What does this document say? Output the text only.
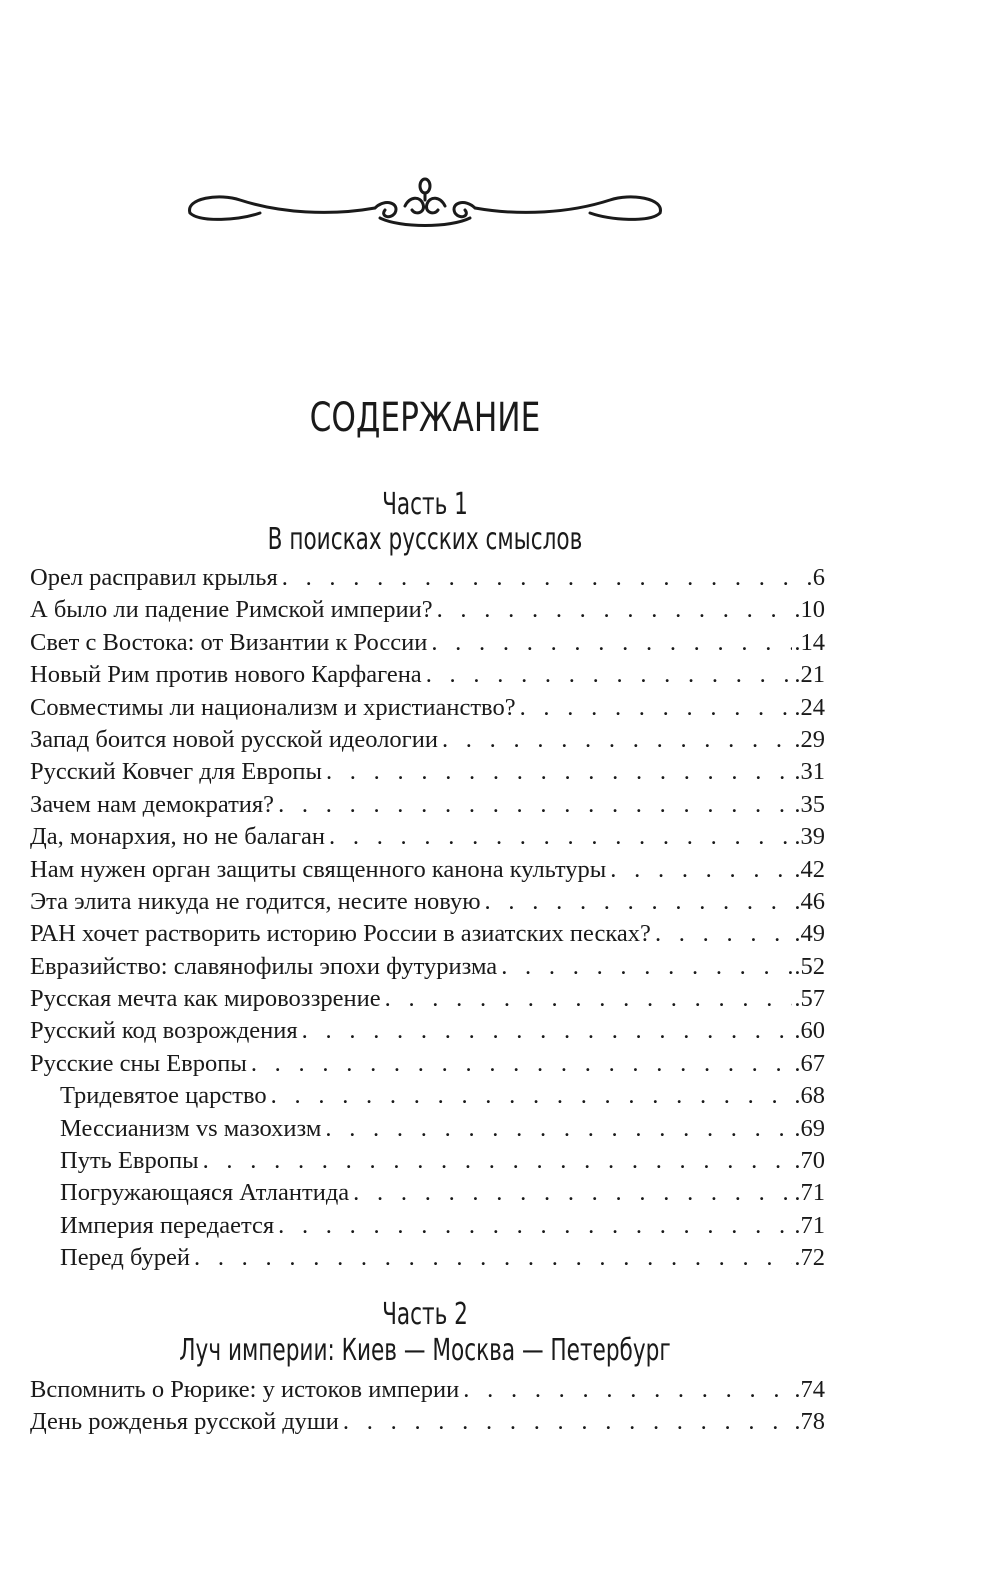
СОДЕРЖАНИЕ
Часть 1
В поисках русских смыслов
Орел расправил крылья . . .	6
А было ли падение Римской империи? . . .	.10
Свет с Востока: от Византии к России . . .	.14
Новый Рим против нового Карфагена . . .	.21
Совместимы ли национализм и христианство? . . .	.24
Запад боится новой русской идеологии . . .	.29
Русский Ковчег для Европы . . .	.31
Зачем нам демократия? . . .	.35
Да, монархия, но не балаган . . .	.39
Нам нужен орган защиты священного канона культуры . . .	.42
Эта элита никуда не годится, несите новую . . .	.46
РАН хочет растворить историю России в азиатских песках? . . .	.49
Евразийство: славянофилы эпохи футуризма . . .	.52
Русская мечта как мировоззрение . . .	.57
Русский код возрождения . . .	.60
Русские сны Европы . . .	.67
Тридевятое царство . . .	.68
Мессианизм vs мазохизм . . .	.69
Путь Европы . . .	.70
Погружающаяся Атлантида . . .	.71
Империя передается . . .	.71
Перед бурей . . .	.72
Часть 2
Луч империи: Киев — Москва — Петербург
Вспомнить о Рюрике: у истоков империи . . .	.74
День рожденья русской души . . .	.78
